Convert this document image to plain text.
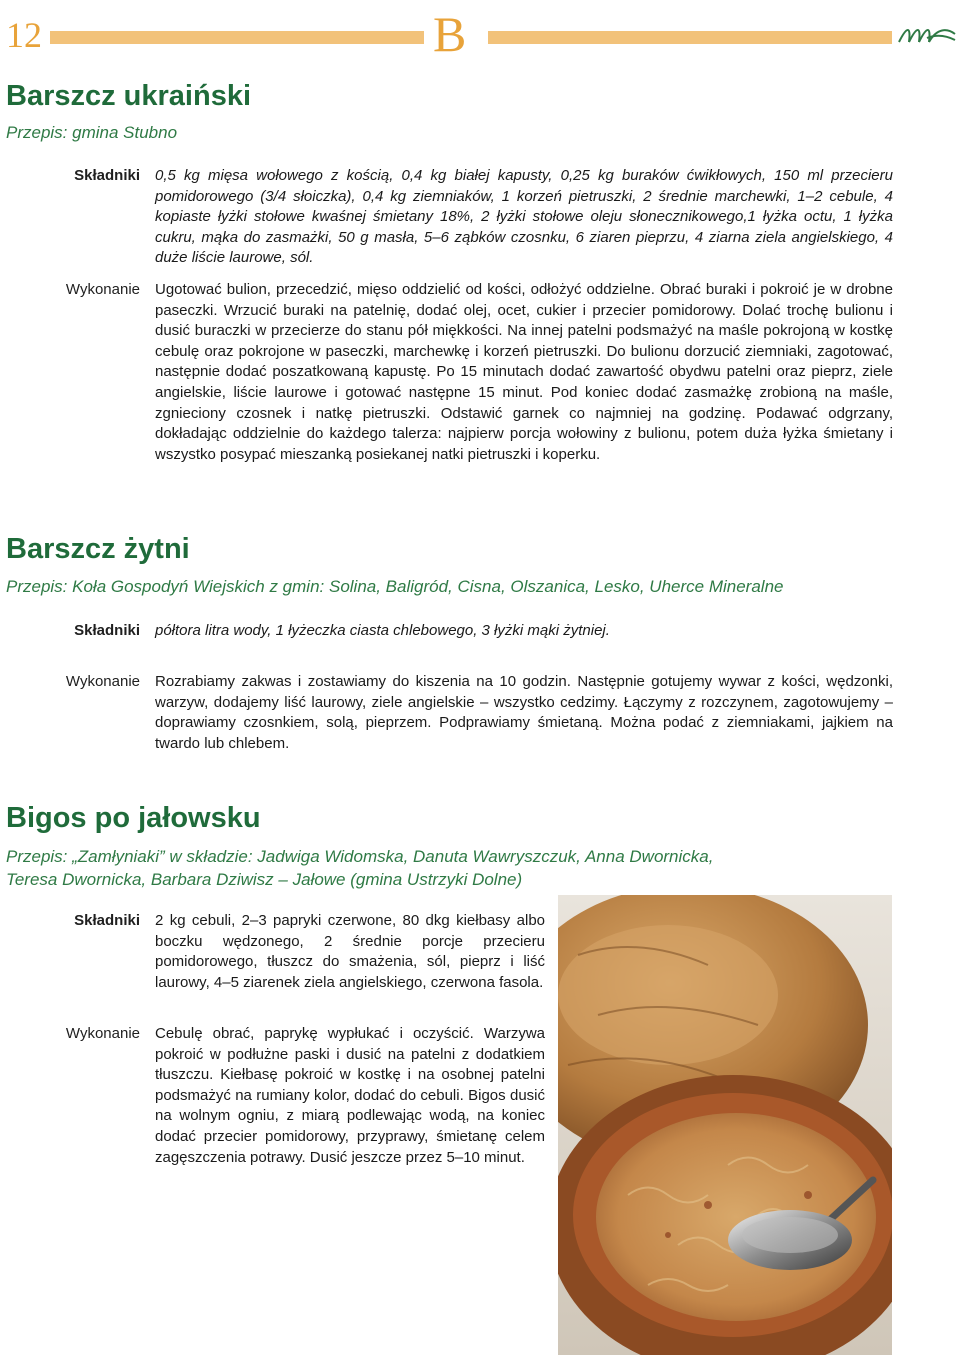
12	B
Barszcz ukraiński

Przepis: gmina Stubno

Składniki 0,5 kg mięsa wołowego z kością, 0,4 kg białej kapusty, 0,25 kg buraków ćwikłowych, 150 ml przecieru pomidorowego (3/4 słoiczka), 0,4 kg ziemniaków, 1 korzeń pietruszki, 2 średnie marchewki, 1–2 cebule, 4 kopiaste łyżki stołowe kwaśnej śmietany 18%, 2 łyżki stołowe oleju słonecznikowego,1 łyżka octu, 1 łyżka cukru, mąka do zasmażki, 50 g masła, 5–6 ząbków czosnku, 6 ziaren pieprzu, 4 ziarna ziela angielskiego, 4 duże liście laurowe, sól.

Wykonanie Ugotować bulion, przecedzić, mięso oddzielić od kości, odłożyć oddzielne. Obrać buraki i pokroić je w drobne paseczki. Wrzucić buraki na patelnię, dodać olej, ocet, cukier i przecier pomidorowy. Dolać trochę bulionu i dusić buraczki w przecierze do stanu pół miękkości. Na innej patelni podsmażyć na maśle pokrojoną w kostkę cebulę oraz pokrojone w paseczki, marchewkę i korzeń pietruszki. Do bulionu dorzucić ziemniaki, zagotować, następnie dodać poszatkowaną kapustę. Po 15 minutach dodać zawartość obydwu patelni oraz pieprz, ziele angielskie, liście laurowe i gotować następne 15 minut. Pod koniec dodać zasmażkę zrobioną na maśle, zgnieciony czosnek i natkę pietruszki. Odstawić garnek co najmniej na godzinę. Podawać odgrzany, dokładając oddzielnie do każdego talerza: najpierw porcja wołowiny z bulionu, potem duża łyżka śmietany i wszystko posypać mieszanką posiekanej natki pietruszki i koperku.

Barszcz żytni

Przepis: Koła Gospodyń Wiejskich z gmin: Solina, Baligród, Cisna, Olszanica, Lesko, Uherce Mineralne

Składniki półtora litra wody, 1 łyżeczka ciasta chlebowego, 3 łyżki mąki żytniej.

Wykonanie Rozrabiamy zakwas i zostawiamy do kiszenia na 10 godzin. Następnie gotujemy wywar z kości, wędzonki, warzyw, dodajemy liść laurowy, ziele angielskie – wszystko cedzimy. Łączymy z rozczynem, zagotowujemy – doprawiamy czosnkiem, solą, pieprzem. Podprawiamy śmietaną. Można podać z ziemniakami, jajkiem na twardo lub chlebem.

Bigos po jałowsku

Przepis: „Zamłyniaki” w składzie: Jadwiga Widomska, Danuta Wawryszczuk, Anna Dwornicka,

Teresa Dwornicka, Barbara Dziwisz – Jałowe (gmina Ustrzyki Dolne)

Składniki 2 kg cebuli, 2–3 papryki czerwone, 80 dkg kiełbasy albo boczku wędzonego, 2 średnie porcje przecieru pomidorowego, tłuszcz do smażenia, sól, pieprz i liść laurowy, 4–5 ziarenek ziela angielskiego, czerwona fasola.

Wykonanie Cebulę obrać, paprykę wypłukać i oczyścić. Warzywa pokroić w podłużne paski i dusić na patelni z dodatkiem tłuszczu. Kiełbasę pokroić w kostkę i na osobnej patelni podsmażyć na rumiany kolor, dodać do cebuli. Bigos dusić na wolnym ogniu, z miarą podlewając wodą, na koniec dodać przecier pomidorowy, przyprawy, śmietanę celem zagęszczenia potrawy. Dusić jeszcze przez 5–10 minut.
